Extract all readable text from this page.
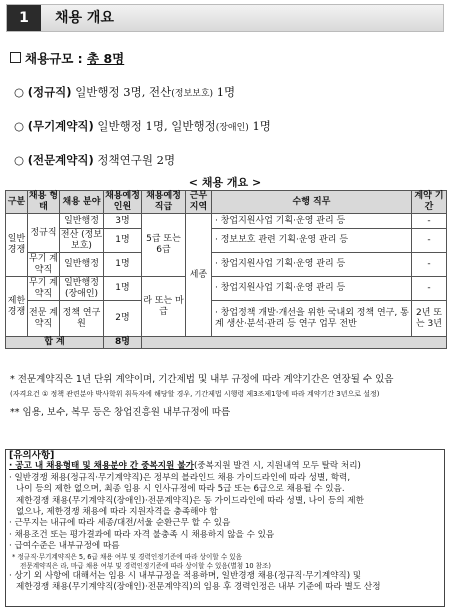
1	채용 개요
채용규모 : 총 8명
○ (정규직) 일반행정 3명, 전산(정보보호) 1명
○ (무기계약직) 일반행정 1명, 일반행정(장애인) 1명
○ (전문계약직) 정책연구원 2명
< 채용 개요 >
구분	채용 형태	채용 분야	채용예정 인원	채용예정 직급	근무 지역	수행 직무	계약 기간
일반 경쟁	정규직	일반행정	3명	5급 또는 6급	세종	· 창업지원사업 기획·운영 관리 등	-
		전산 (정보보호)	1명			· 정보보호 관련 기획·운영 관리 등	-
	무기 계약직	일반행정	1명			· 창업지원사업 기획·운영 관리 등	-
제한 경쟁	무기 계약직	일반행정 (장애인)	1명	라 또는 마급		· 창업지원사업 기획·운영 관리 등	-
	전문 계약직	정책 연구원	2명			· 창업정책 개발·개선을 위한 국내외 정책 연구, 통계 생산·분석·관리 등 연구 업무 전반	2년 또는 3년
합 계			8명				
* 전문계약직은 1년 단위 계약이며, 기간제법 및 내부 규정에 따라 계약기간은 연장될 수 있음
(자격요건 ① 정책 관련분야 박사학위 취득자에 해당할 경우, 기간제법 시행령 제3조제1항에 따라 계약기간 3년으로 설정)
** 임용, 보수, 복무 등은 창업진흥원 내부규정에 따름
[유의사항]
· 공고 내 채용형태 및 채용분야 간 중복지원 불가(중복지원 발견 시, 지원내역 모두 탈락 처리)
· 일반경쟁 채용(정규직·무기계약직)은 정부의 블라인드 채용 가이드라인에 따라 성별, 학력,
나이 등의 제한 없으며, 최종 임용 시 인사규정에 따라 5급 또는 6급으로 채용될 수 있음.
제한경쟁 채용(무기계약직(장애인)·전문계약직)은 동 가이드라인에 따라 성별, 나이 등의 제한
없으나, 제한경쟁 채용에 따라 지원자격을 충족해야 함
· 근무지는 내규에 따라 세종/대전/서울 순환근무 할 수 있음
· 채용조건 또는 평가결과에 따라 자격 불충족 시 채용하지 않을 수 있음
· 급여수준은 내부규정에 따름
* 정규직·무기계약직은 5, 6급 채용 여부 및 경력인정기준에 따라 상이할 수 있음
전문계약직은 라, 마급 채용 여부 및 경력인정기준에 따라 상이할 수 있음(별첨 10 참조)
· 상기 외 사항에 대해서는 임용 시 내부규정을 적용하며, 일반경쟁 채용(정규직·무기계약직) 및
제한경쟁 채용(무기계약직(장애인)·전문계약직)의 임용 후 경력인정은 내부 기준에 따라 별도 산정
